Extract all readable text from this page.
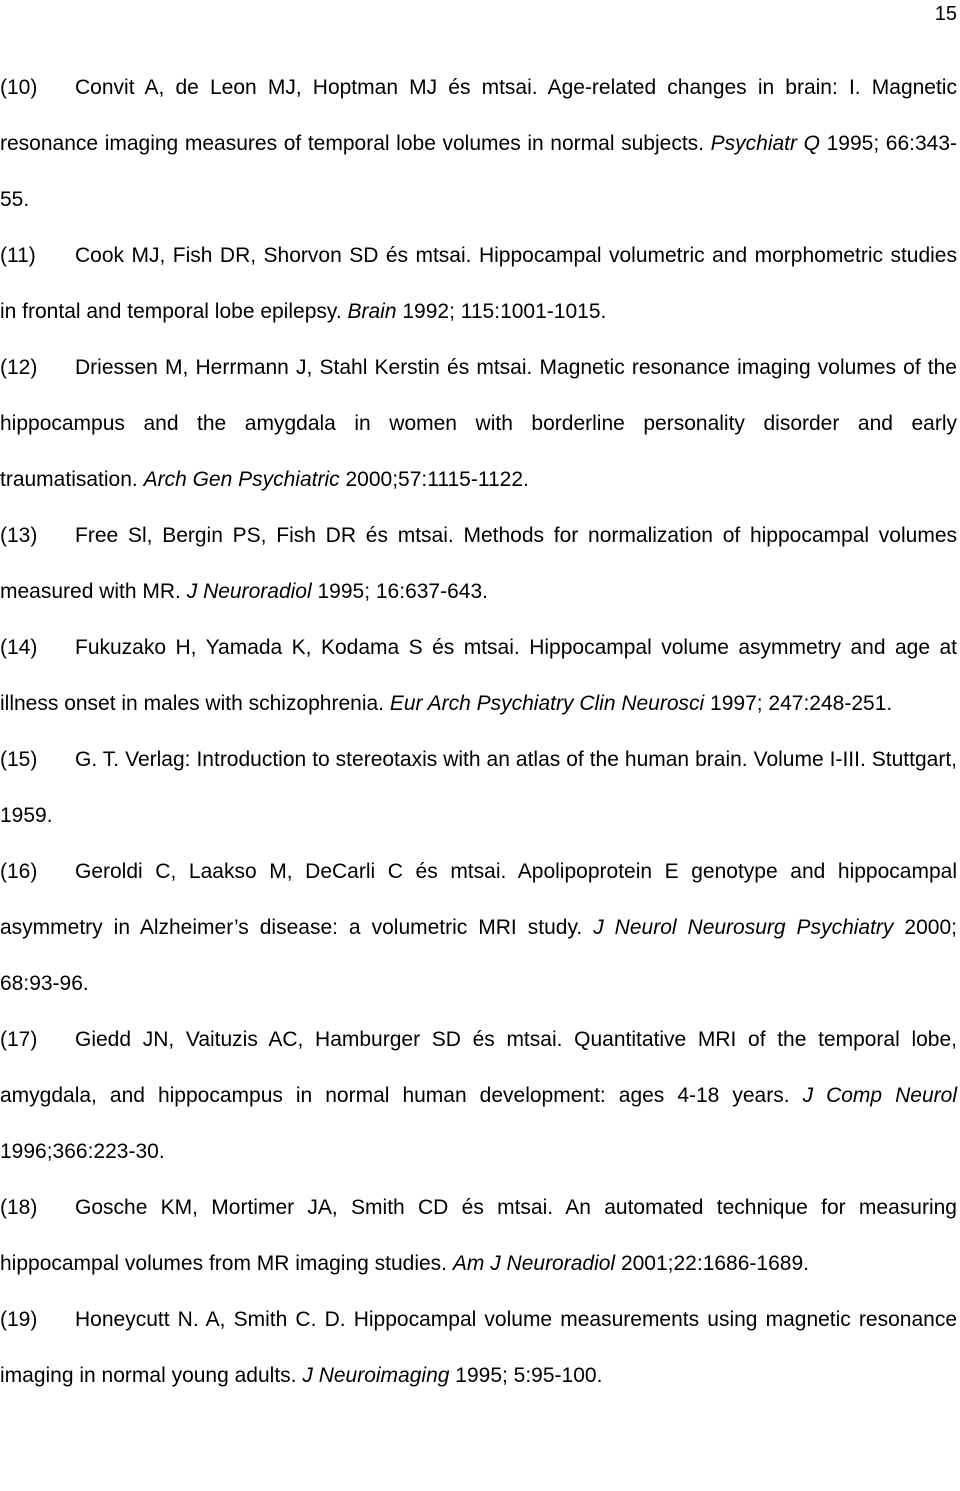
15

(10) Convit A, de Leon MJ, Hoptman MJ és mtsai. Age-related changes in brain: I. Magnetic resonance imaging measures of temporal lobe volumes in normal subjects. Psychiatr Q 1995; 66:343-55.

(11) Cook MJ, Fish DR, Shorvon SD és mtsai. Hippocampal volumetric and morphometric studies in frontal and temporal lobe epilepsy. Brain 1992; 115:1001-1015.

(12) Driessen M, Herrmann J, Stahl Kerstin és mtsai. Magnetic resonance imaging volumes of the hippocampus and the amygdala in women with borderline personality disorder and early traumatisation. Arch Gen Psychiatric 2000;57:1115-1122.

(13) Free Sl, Bergin PS, Fish DR és mtsai. Methods for normalization of hippocampal volumes measured with MR. J Neuroradiol 1995; 16:637-643.

(14) Fukuzako H, Yamada K, Kodama S és mtsai. Hippocampal volume asymmetry and age at illness onset in males with schizophrenia. Eur Arch Psychiatry Clin Neurosci 1997; 247:248-251.

(15) G. T. Verlag: Introduction to stereotaxis with an atlas of the human brain. Volume I-III. Stuttgart, 1959.

(16) Geroldi C, Laakso M, DeCarli C és mtsai. Apolipoprotein E genotype and hippocampal asymmetry in Alzheimer’s disease: a volumetric MRI study. J Neurol Neurosurg Psychiatry 2000; 68:93-96.

(17) Giedd JN, Vaituzis AC, Hamburger SD és mtsai. Quantitative MRI of the temporal lobe, amygdala, and hippocampus in normal human development: ages 4-18 years. J Comp Neurol 1996;366:223-30.

(18) Gosche KM, Mortimer JA, Smith CD és mtsai. An automated technique for measuring hippocampal volumes from MR imaging studies. Am J Neuroradiol 2001;22:1686-1689.

(19) Honeycutt N. A, Smith C. D. Hippocampal volume measurements using magnetic resonance imaging in normal young adults. J Neuroimaging 1995; 5:95-100.
